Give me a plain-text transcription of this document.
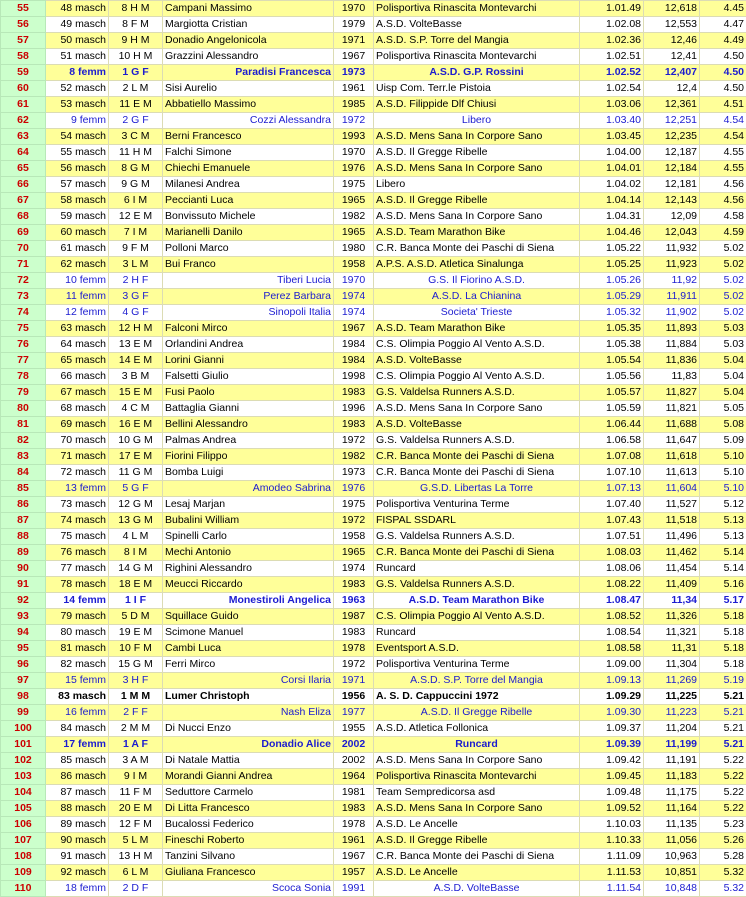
55	48 masch	8 H M	Campani Massimo	1970	Polisportiva Rinascita Montevarchi	1.01.49	12,618	4.45
56	49 masch	8 F M	Margiotta Cristian	1979	A.S.D. VolteBasse	1.02.08	12,553	4.47
57	50 masch	9 H M	Donadio Angelonicola	1971	A.S.D. S.P. Torre del Mangia	1.02.36	12,46	4.49
58	51 masch	10 H M	Grazzini Alessandro	1967	Polisportiva Rinascita Montevarchi	1.02.51	12,41	4.50
59	8 femm	1 G F	Paradisi Francesca	1973	A.S.D. G.P. Rossini	1.02.52	12,407	4.50
60	52 masch	2 L M	Sisi Aurelio	1961	Uisp Com. Terr.le Pistoia	1.02.54	12,4	4.50
61	53 masch	11 E M	Abbatiello Massimo	1985	A.S.D. Filippide Dlf Chiusi	1.03.06	12,361	4.51
62	9 femm	2 G F	Cozzi Alessandra	1972	Libero	1.03.40	12,251	4.54
63	54 masch	3 C M	Berni Francesco	1993	A.S.D. Mens Sana In Corpore Sano	1.03.45	12,235	4.54
64	55 masch	11 H M	Falchi Simone	1970	A.S.D. Il Gregge Ribelle	1.04.00	12,187	4.55
65	56 masch	8 G M	Chiechi Emanuele	1976	A.S.D. Mens Sana In Corpore Sano	1.04.01	12,184	4.55
66	57 masch	9 G M	Milanesi Andrea	1975	Libero	1.04.02	12,181	4.56
67	58 masch	6 I M	Peccianti Luca	1965	A.S.D. Il Gregge Ribelle	1.04.14	12,143	4.56
68	59 masch	12 E M	Bonvissuto Michele	1982	A.S.D. Mens Sana In Corpore Sano	1.04.31	12,09	4.58
69	60 masch	7 I M	Marianelli Danilo	1965	A.S.D. Team Marathon Bike	1.04.46	12,043	4.59
70	61 masch	9 F M	Polloni Marco	1980	C.R. Banca Monte dei Paschi di Siena	1.05.22	11,932	5.02
71	62 masch	3 L M	Bui Franco	1958	A.P.S. A.S.D. Atletica Sinalunga	1.05.25	11,923	5.02
72	10 femm	2 H F	Tiberi Lucia	1970	G.S. Il Fiorino A.S.D.	1.05.26	11,92	5.02
73	11 femm	3 G F	Perez Barbara	1974	A.S.D. La Chianina	1.05.29	11,911	5.02
74	12 femm	4 G F	Sinopoli Italia	1974	Societa' Trieste	1.05.32	11,902	5.02
75	63 masch	12 H M	Falconi Mirco	1967	A.S.D. Team Marathon Bike	1.05.35	11,893	5.03
76	64 masch	13 E M	Orlandini Andrea	1984	C.S. Olimpia Poggio Al Vento A.S.D.	1.05.38	11,884	5.03
77	65 masch	14 E M	Lorini Gianni	1984	A.S.D. VolteBasse	1.05.54	11,836	5.04
78	66 masch	3 B M	Falsetti Giulio	1998	C.S. Olimpia Poggio Al Vento A.S.D.	1.05.56	11,83	5.04
79	67 masch	15 E M	Fusi Paolo	1983	G.S. Valdelsa Runners A.S.D.	1.05.57	11,827	5.04
80	68 masch	4 C M	Battaglia Gianni	1996	A.S.D. Mens Sana In Corpore Sano	1.05.59	11,821	5.05
81	69 masch	16 E M	Bellini Alessandro	1983	A.S.D. VolteBasse	1.06.44	11,688	5.08
82	70 masch	10 G M	Palmas Andrea	1972	G.S. Valdelsa Runners A.S.D.	1.06.58	11,647	5.09
83	71 masch	17 E M	Fiorini Filippo	1982	C.R. Banca Monte dei Paschi di Siena	1.07.08	11,618	5.10
84	72 masch	11 G M	Bomba Luigi	1973	C.R. Banca Monte dei Paschi di Siena	1.07.10	11,613	5.10
85	13 femm	5 G F	Amodeo Sabrina	1976	G.S.D. Libertas La Torre	1.07.13	11,604	5.10
86	73 masch	12 G M	Lesaj Marjan	1975	Polisportiva Venturina Terme	1.07.40	11,527	5.12
87	74 masch	13 G M	Bubalini William	1972	FISPAL SSDARL	1.07.43	11,518	5.13
88	75 masch	4 L M	Spinelli Carlo	1958	G.S. Valdelsa Runners A.S.D.	1.07.51	11,496	5.13
89	76 masch	8 I M	Mechi Antonio	1965	C.R. Banca Monte dei Paschi di Siena	1.08.03	11,462	5.14
90	77 masch	14 G M	Righini Alessandro	1974	Runcard	1.08.06	11,454	5.14
91	78 masch	18 E M	Meucci Riccardo	1983	G.S. Valdelsa Runners A.S.D.	1.08.22	11,409	5.16
92	14 femm	1 I F	Monestiroli Angelica	1963	A.S.D. Team Marathon Bike	1.08.47	11,34	5.17
93	79 masch	5 D M	Squillace Guido	1987	C.S. Olimpia Poggio Al Vento A.S.D.	1.08.52	11,326	5.18
94	80 masch	19 E M	Scimone Manuel	1983	Runcard	1.08.54	11,321	5.18
95	81 masch	10 F M	Cambi Luca	1978	Eventsport A.S.D.	1.08.58	11,31	5.18
96	82 masch	15 G M	Ferri Mirco	1972	Polisportiva Venturina Terme	1.09.00	11,304	5.18
97	15 femm	3 H F	Corsi Ilaria	1971	A.S.D. S.P. Torre del Mangia	1.09.13	11,269	5.19
98	83 masch	1 M M	Lumer Christoph	1956	A. S. D. Cappuccini 1972	1.09.29	11,225	5.21
99	16 femm	2 F F	Nash Eliza	1977	A.S.D. Il Gregge Ribelle	1.09.30	11,223	5.21
100	84 masch	2 M M	Di Nucci Enzo	1955	A.S.D. Atletica Follonica	1.09.37	11,204	5.21
101	17 femm	1 A F	Donadio Alice	2002	Runcard	1.09.39	11,199	5.21
102	85 masch	3 A M	Di Natale Mattia	2002	A.S.D. Mens Sana In Corpore Sano	1.09.42	11,191	5.22
103	86 masch	9 I M	Morandi Gianni Andrea	1964	Polisportiva Rinascita Montevarchi	1.09.45	11,183	5.22
104	87 masch	11 F M	Seduttore Carmelo	1981	Team Sempredicorsa asd	1.09.48	11,175	5.22
105	88 masch	20 E M	Di Litta Francesco	1983	A.S.D. Mens Sana In Corpore Sano	1.09.52	11,164	5.22
106	89 masch	12 F M	Bucalossi Federico	1978	A.S.D. Le Ancelle	1.10.03	11,135	5.23
107	90 masch	5 L M	Fineschi Roberto	1961	A.S.D. Il Gregge Ribelle	1.10.33	11,056	5.26
108	91 masch	13 H M	Tanzini Silvano	1967	C.R. Banca Monte dei Paschi di Siena	1.11.09	10,963	5.28
109	92 masch	6 L M	Giuliana Francesco	1957	A.S.D. Le Ancelle	1.11.53	10,851	5.32
110	18 femm	2 D F	Scoca Sonia	1991	A.S.D. VolteBasse	1.11.54	10,848	5.32
